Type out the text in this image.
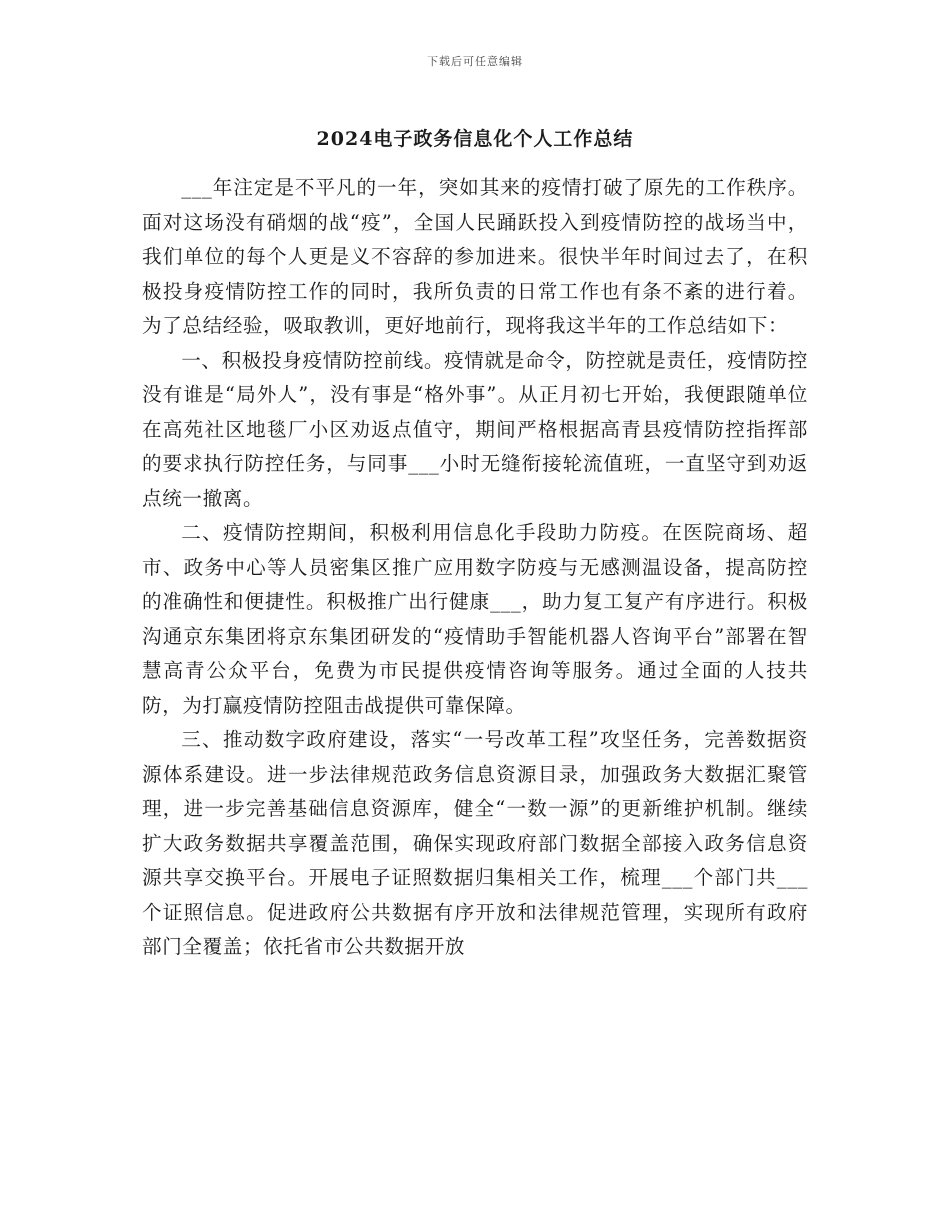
下载后可任意编辑
2024电子政务信息化个人工作总结

___年注定是不平凡的一年，突如其来的疫情打破了原先的工作秩序。面对这场没有硝烟的战“疫”，全国人民踊跃投入到疫情防控的战场当中，我们单位的每个人更是义不容辞的参加进来。很快半年时间过去了，在积极投身疫情防控工作的同时，我所负责的日常工作也有条不紊的进行着。为了总结经验，吸取教训，更好地前行，现将我这半年的工作总结如下：

一、积极投身疫情防控前线。疫情就是命令，防控就是责任，疫情防控没有谁是“局外人”，没有事是“格外事”。从正月初七开始，我便跟随单位在高苑社区地毯厂小区劝返点值守，期间严格根据高青县疫情防控指挥部的要求执行防控任务，与同事___小时无缝衔接轮流值班，一直坚守到劝返点统一撤离。

二、疫情防控期间，积极利用信息化手段助力防疫。在医院商场、超市、政务中心等人员密集区推广应用数字防疫与无感测温设备，提高防控的准确性和便捷性。积极推广出行健康___，助力复工复产有序进行。积极沟通京东集团将京东集团研发的“疫情助手智能机器人咨询平台”部署在智慧高青公众平台，免费为市民提供疫情咨询等服务。通过全面的人技共防，为打赢疫情防控阻击战提供可靠保障。

三、推动数字政府建设，落实“一号改革工程”攻坚任务，完善数据资源体系建设。进一步法律规范政务信息资源目录，加强政务大数据汇聚管理，进一步完善基础信息资源库，健全“一数一源”的更新维护机制。继续扩大政务数据共享覆盖范围，确保实现政府部门数据全部接入政务信息资源共享交换平台。开展电子证照数据归集相关工作，梳理___个部门共___个证照信息。促进政府公共数据有序开放和法律规范管理，实现所有政府部门全覆盖；依托省市公共数据开放
